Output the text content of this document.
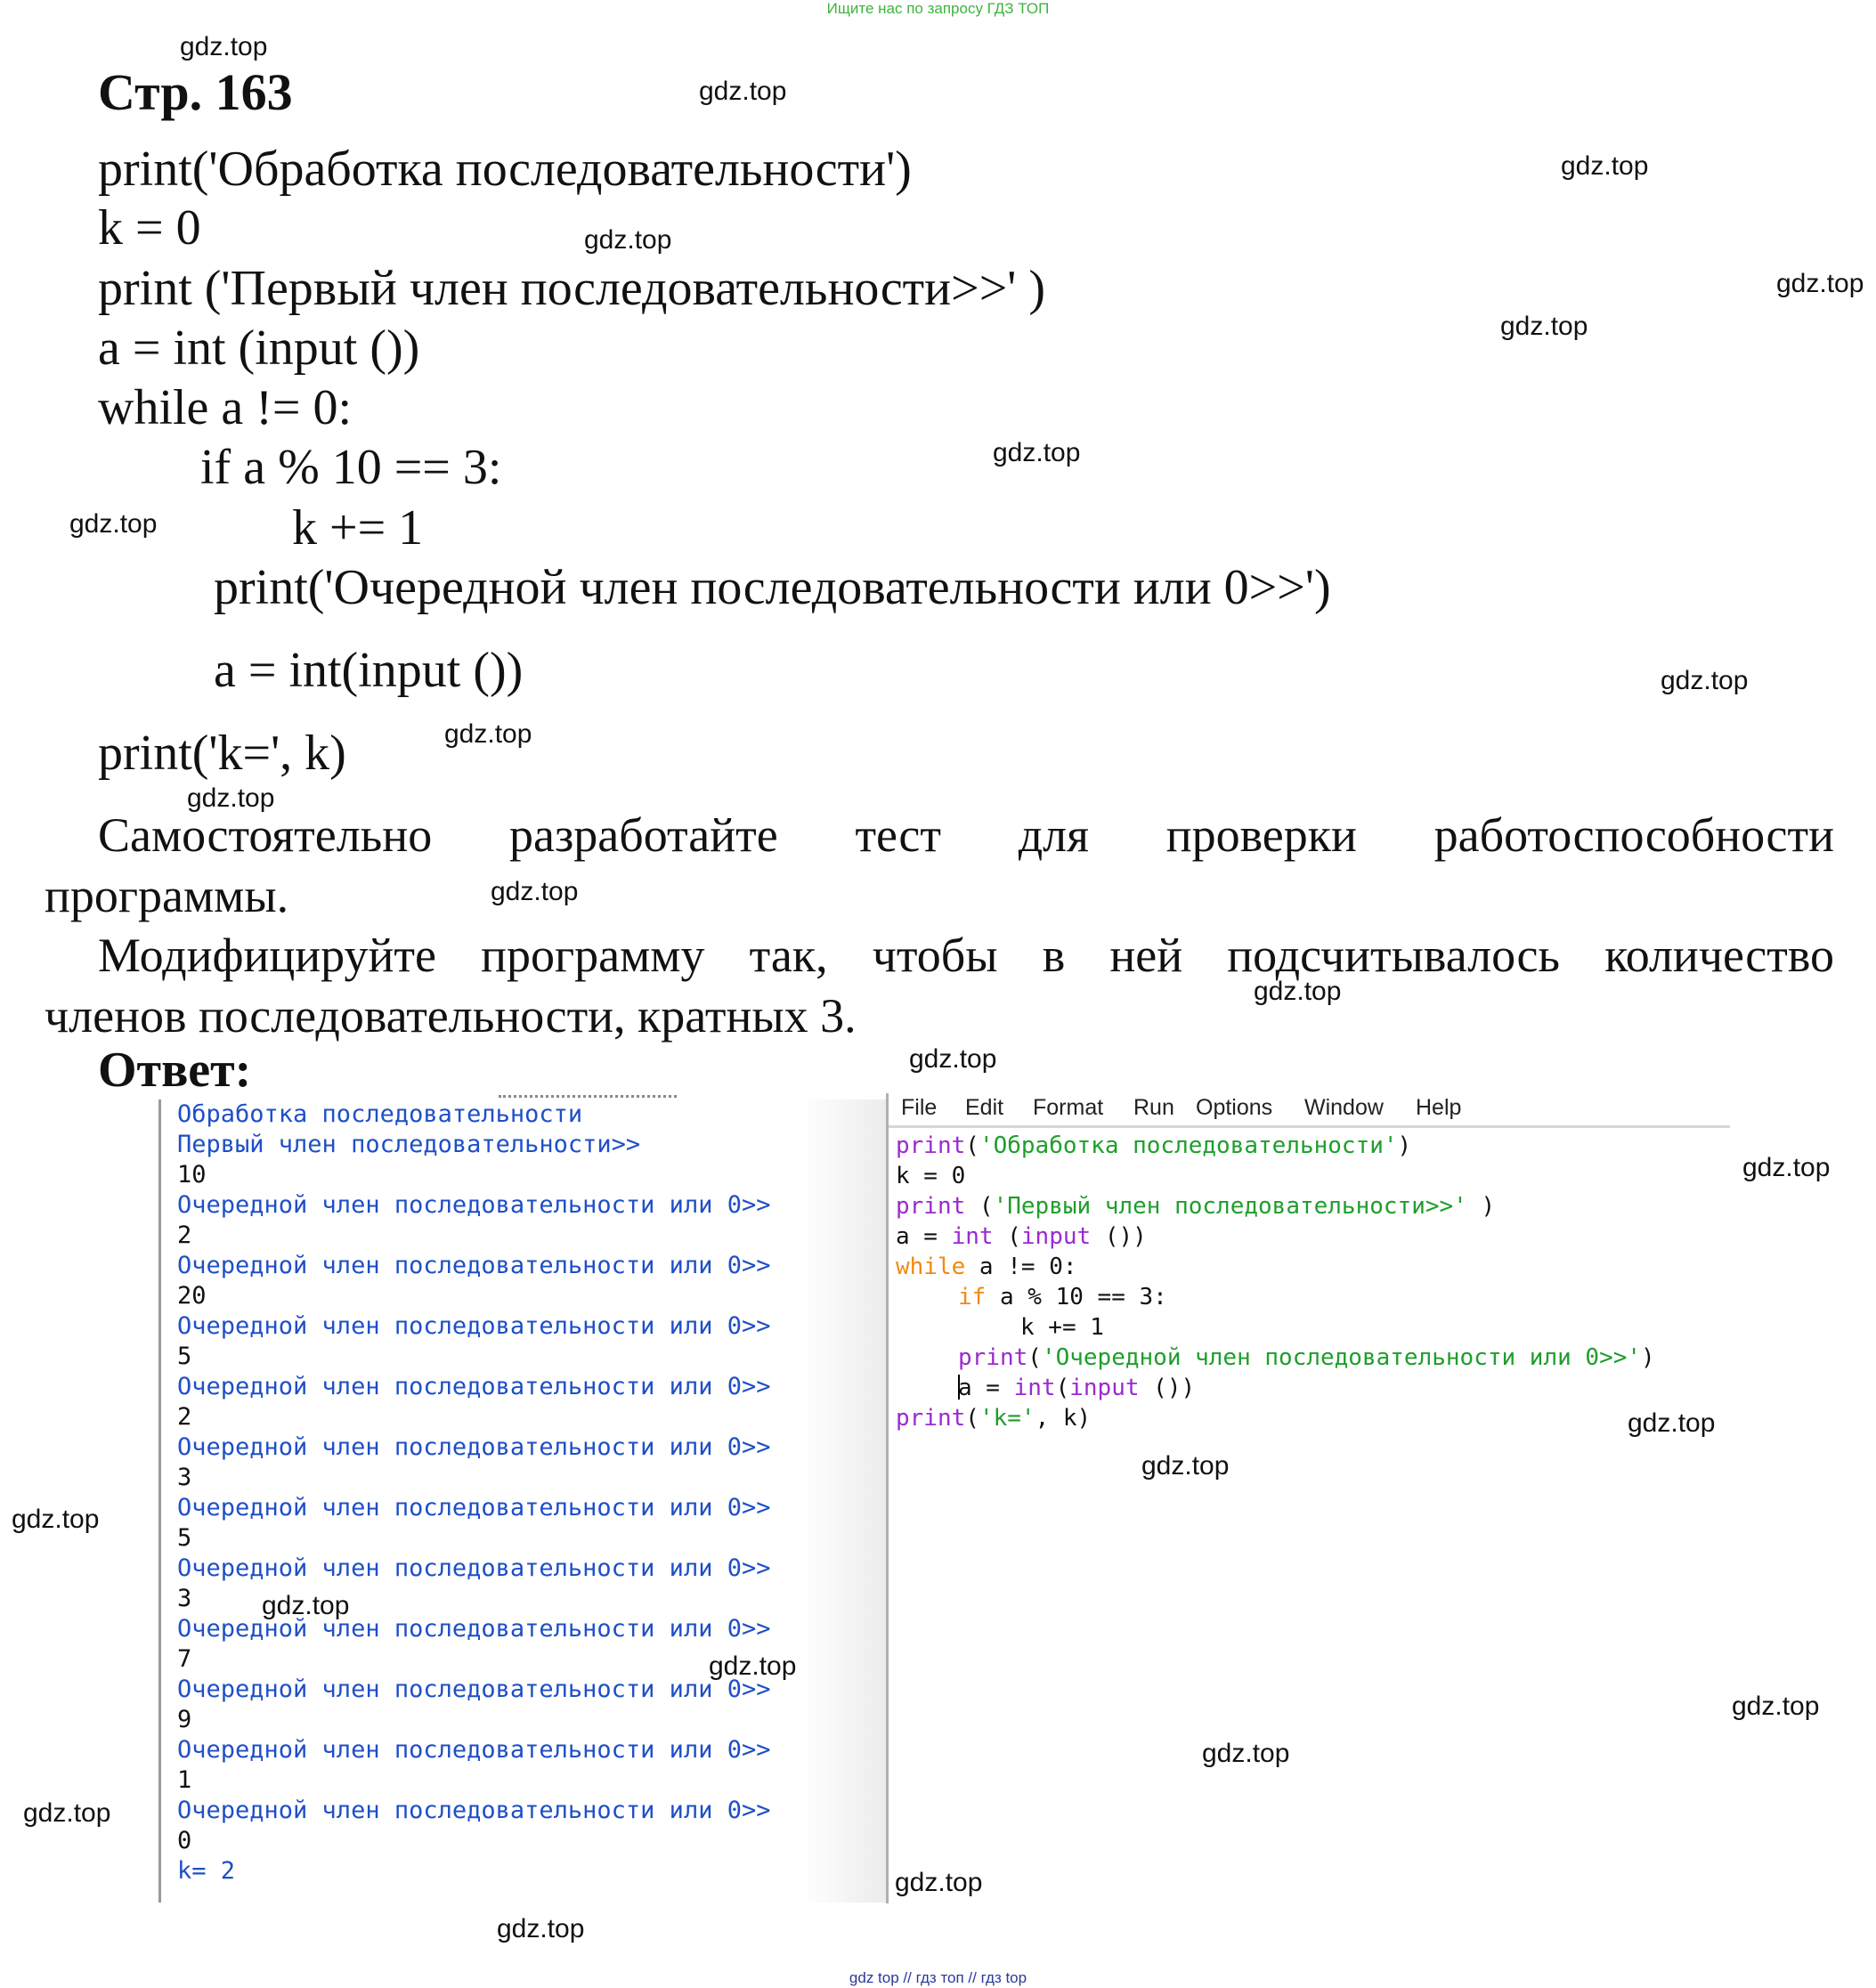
Ищите нас по запросу ГДЗ ТОП
Стр. 163
print('Обработка последовательности')
k = 0
print ('Первый член последовательности>>' )
a = int (input ())
while a != 0:
if a % 10 == 3:
k += 1
print('Очередной член последовательности или 0>>')
a = int(input ())
print('k=', k)
Самостоятельно разработайте тест для проверки работоспособности
программы.
Модифицируйте программу так, чтобы в ней подсчитывалось количество
членов последовательности, кратных 3.
Ответ:
Обработка последовательности
Первый член последовательности>>
10
Очередной член последовательности или 0>>
2
Очередной член последовательности или 0>>
20
Очередной член последовательности или 0>>
5
Очередной член последовательности или 0>>
2
Очередной член последовательности или 0>>
3
Очередной член последовательности или 0>>
5
Очередной член последовательности или 0>>
3
Очередной член последовательности или 0>>
7
Очередной член последовательности или 0>>
9
Очередной член последовательности или 0>>
1
Очередной член последовательности или 0>>
0
k= 2
File Edit Format Run Options Window Help
print('Обработка последовательности')
k = 0
print ('Первый член последовательности>>' )
a = int (input ())
while a != 0:
if a % 10 == 3:
k += 1
print('Очередной член последовательности или 0>>')
a = int(input ())
print('k=', k)
gdz.top
gdz.top
gdz.top
gdz.top
gdz.top
gdz.top
gdz.top
gdz.top
gdz.top
gdz.top
gdz.top
gdz.top
gdz.top
gdz.top
gdz.top
gdz.top
gdz.top
gdz.top
gdz.top
gdz.top
gdz.top
gdz.top
gdz.top
gdz.top
gdz.top
gdz top // гдз топ // гдз top
